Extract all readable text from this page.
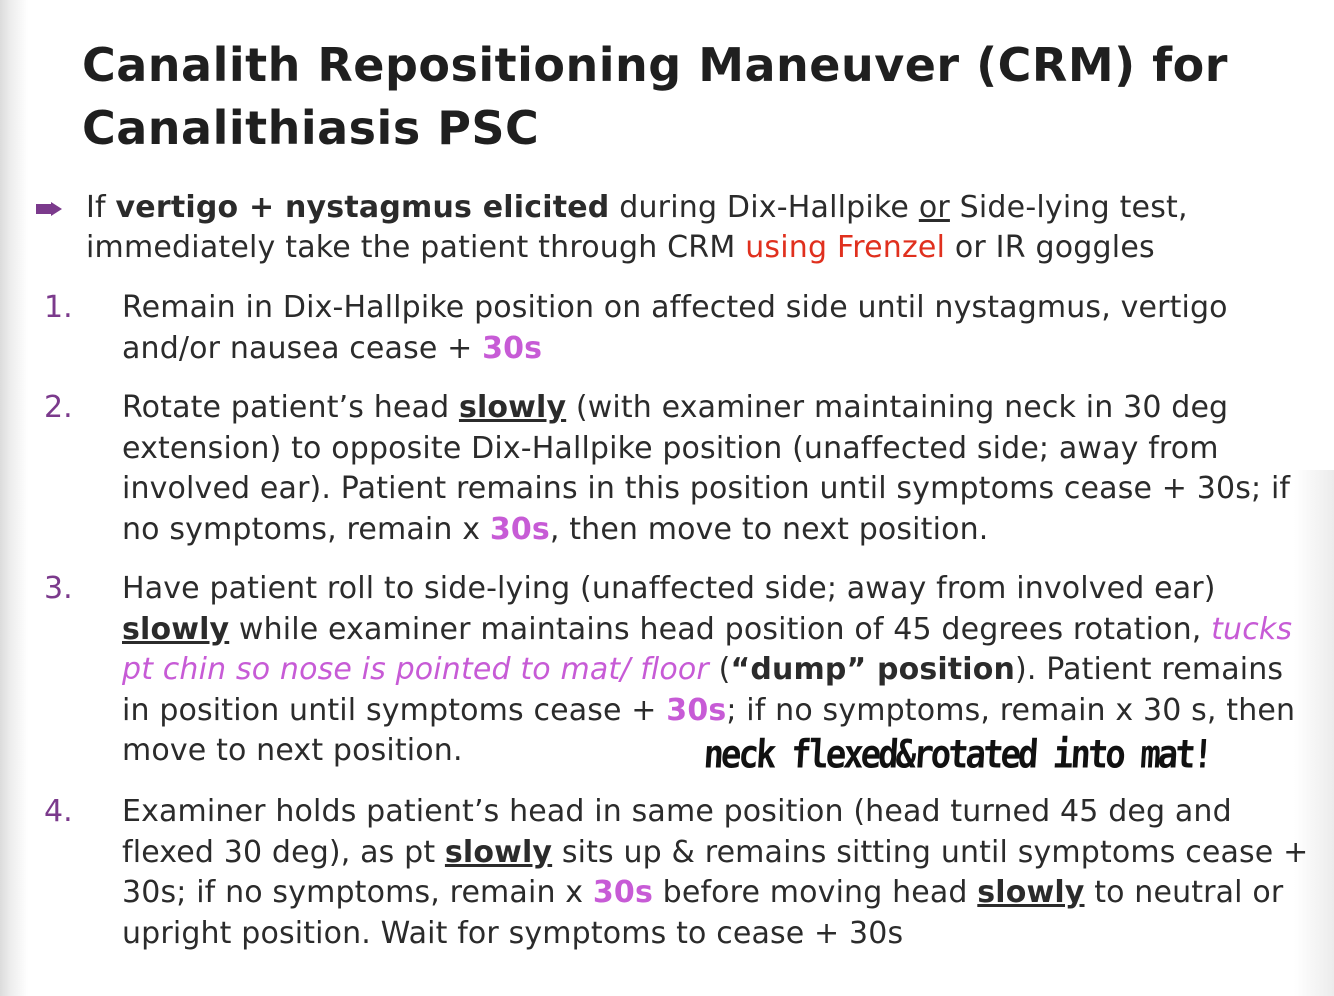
Canalith Repositioning Maneuver (CRM) for
Canalithiasis PSC
If vertigo + nystagmus elicited during Dix-Hallpike or Side-lying test, immediately take the patient through CRM using Frenzel or IR goggles
1. Remain in Dix-Hallpike position on affected side until nystagmus, vertigo and/or nausea cease + 30s
2. Rotate patient’s head slowly (with examiner maintaining neck in 30 deg extension) to opposite Dix-Hallpike position (unaffected side; away from involved ear). Patient remains in this position until symptoms cease + 30s; if no symptoms, remain x 30s, then move to next position.
3. Have patient roll to side-lying (unaffected side; away from involved ear) slowly while examiner maintains head position of 45 degrees rotation, tucks pt chin so nose is pointed to mat/ floor (“dump” position). Patient remains in position until symptoms cease + 30s; if no symptoms, remain x 30 s, then move to next position.
4. Examiner holds patient’s head in same position (head turned 45 deg and flexed 30 deg), as pt slowly sits up & remains sitting until symptoms cease + 30s; if no symptoms, remain x 30s before moving head slowly to neutral or upright position. Wait for symptoms to cease + 30s
neck flexed&rotated into mat!
